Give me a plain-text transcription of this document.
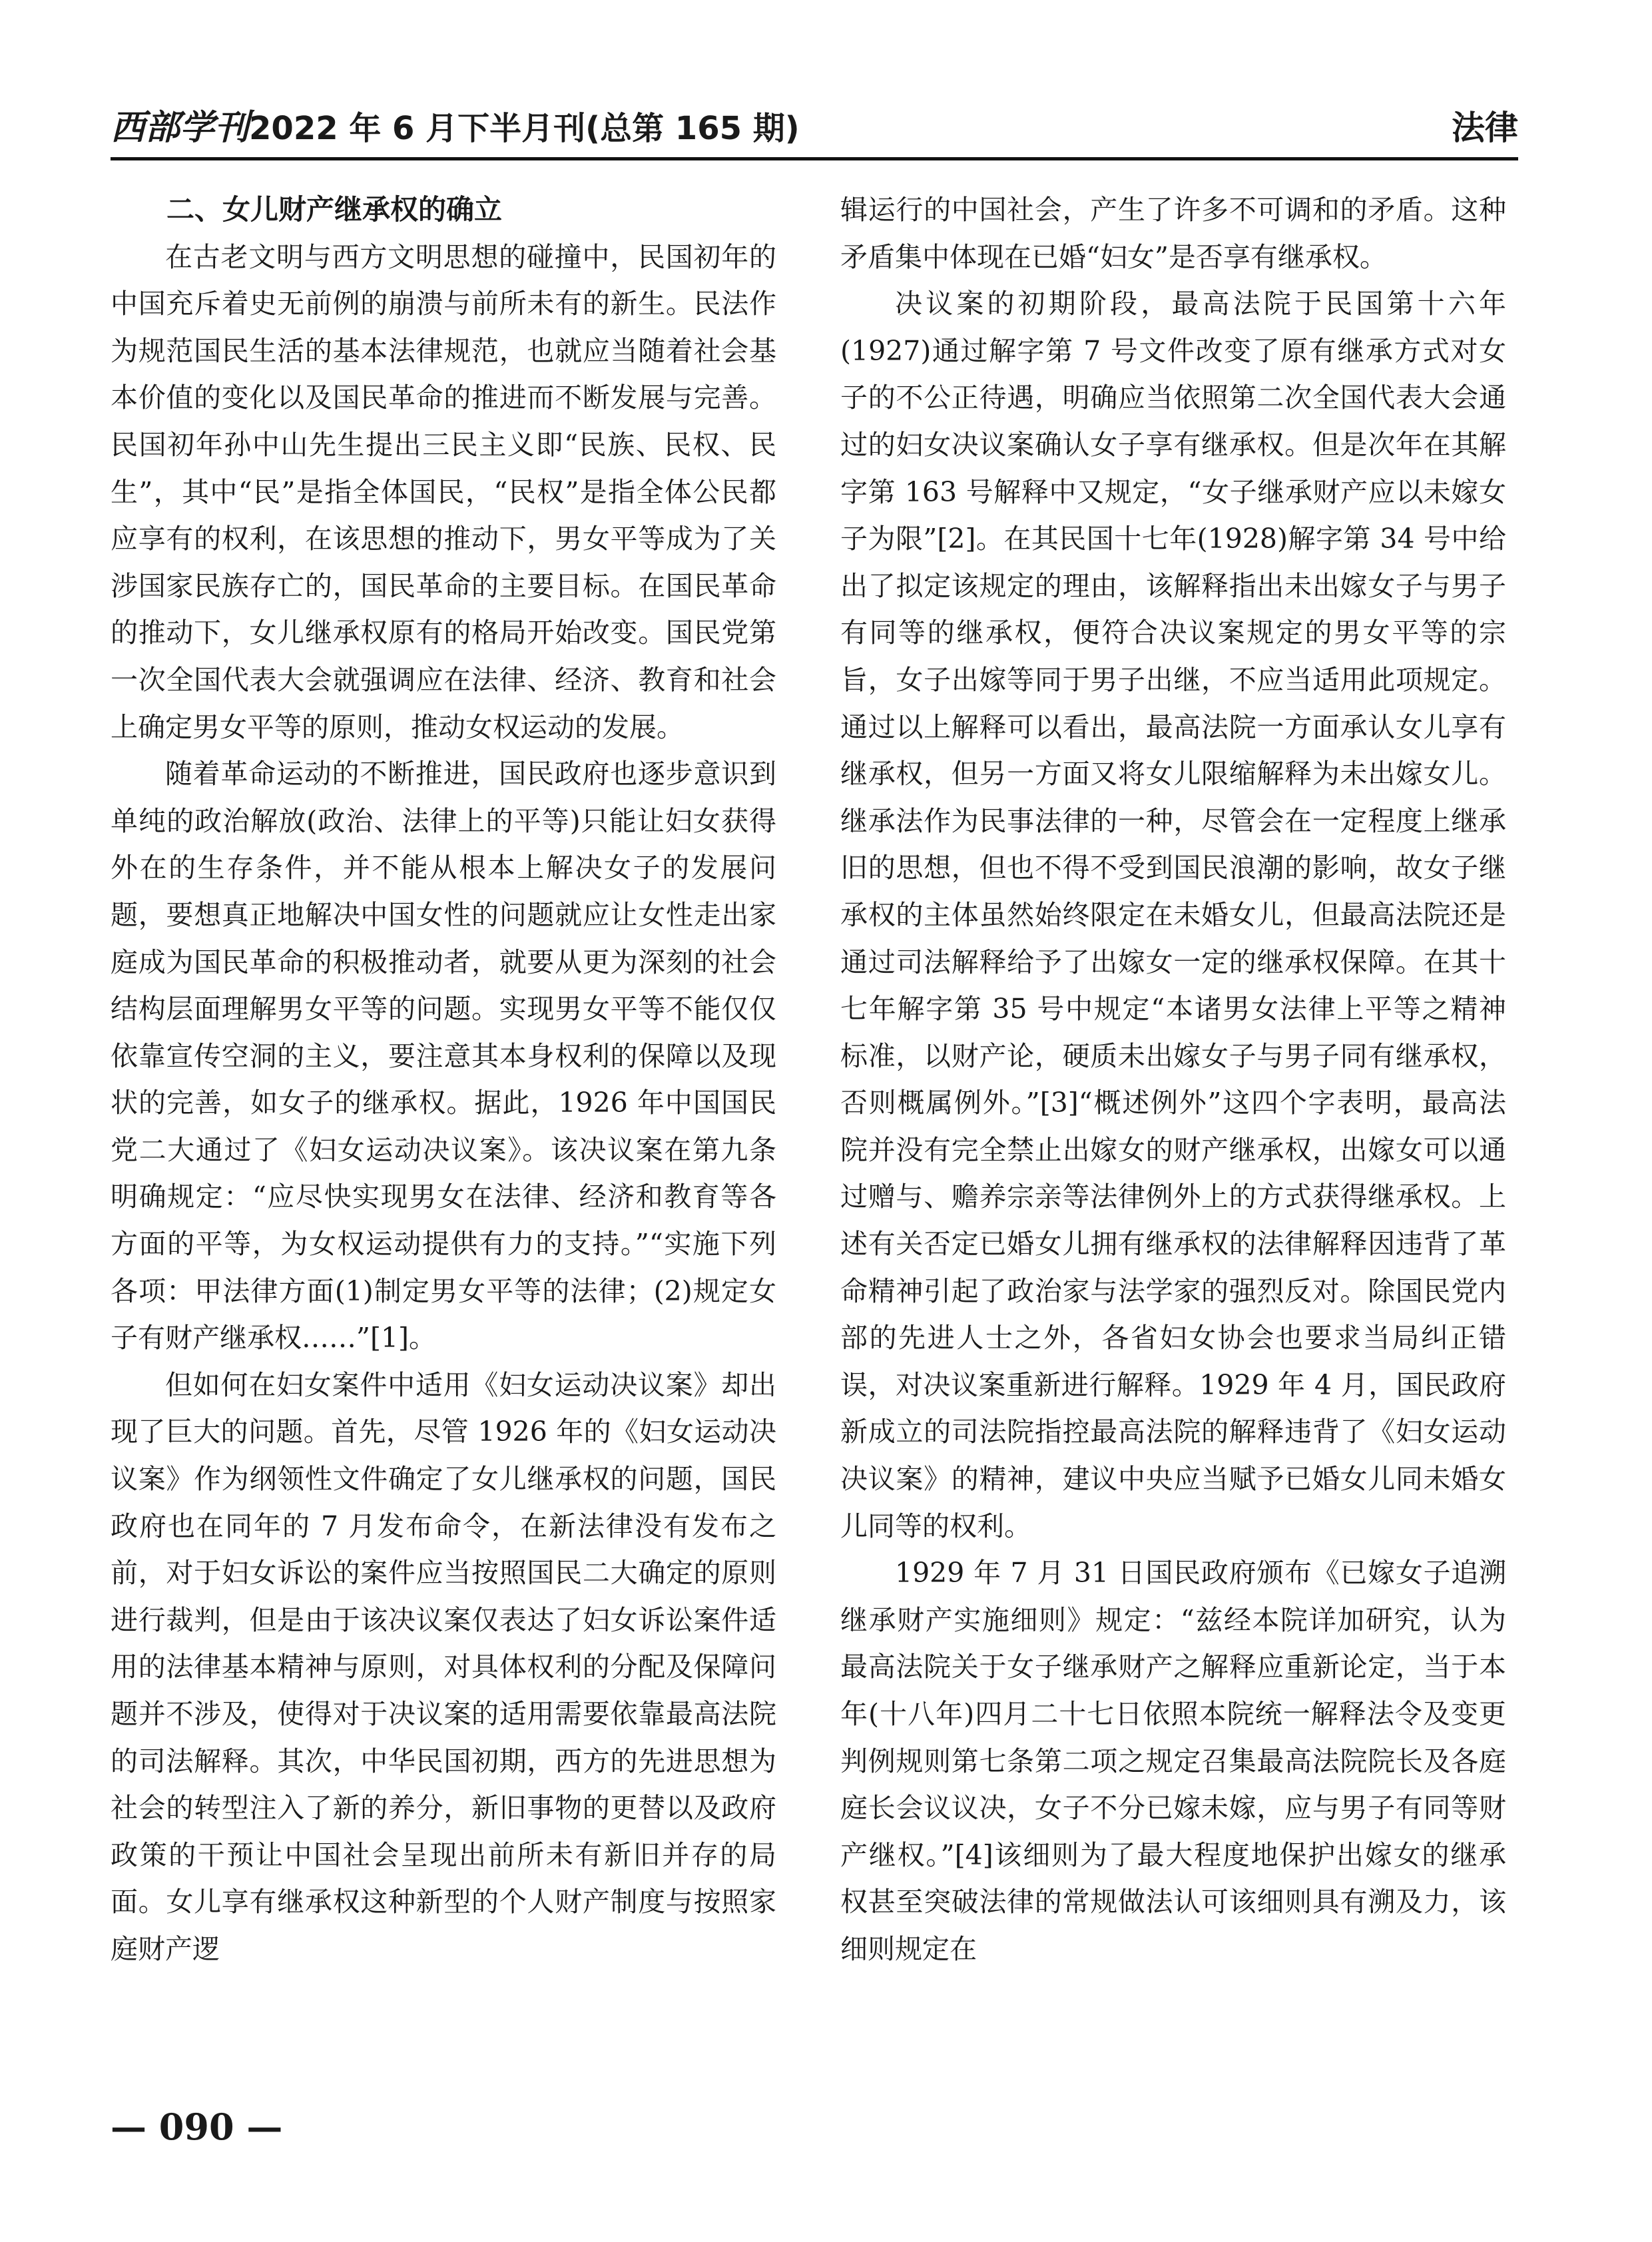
西部学刊2022 年 6 月下半月刊(总第 165 期)	法律
二、女儿财产继承权的确立

在古老文明与西方文明思想的碰撞中，民国初年的中国充斥着史无前例的崩溃与前所未有的新生。民法作为规范国民生活的基本法律规范，也就应当随着社会基本价值的变化以及国民革命的推进而不断发展与完善。民国初年孙中山先生提出三民主义即“民族、民权、民生”，其中“民”是指全体国民，“民权”是指全体公民都应享有的权利，在该思想的推动下，男女平等成为了关涉国家民族存亡的，国民革命的主要目标。在国民革命的推动下，女儿继承权原有的格局开始改变。国民党第一次全国代表大会就强调应在法律、经济、教育和社会上确定男女平等的原则，推动女权运动的发展。

随着革命运动的不断推进，国民政府也逐步意识到单纯的政治解放(政治、法律上的平等)只能让妇女获得外在的生存条件，并不能从根本上解决女子的发展问题，要想真正地解决中国女性的问题就应让女性走出家庭成为国民革命的积极推动者，就要从更为深刻的社会结构层面理解男女平等的问题。实现男女平等不能仅仅依靠宣传空洞的主义，要注意其本身权利的保障以及现状的完善，如女子的继承权。据此，1926 年中国国民党二大通过了《妇女运动决议案》。该决议案在第九条明确规定：“应尽快实现男女在法律、经济和教育等各方面的平等，为女权运动提供有力的支持。”“实施下列各项：甲法律方面(1)制定男女平等的法律；(2)规定女子有财产继承权……”[1]。

但如何在妇女案件中适用《妇女运动决议案》却出现了巨大的问题。首先，尽管 1926 年的《妇女运动决议案》作为纲领性文件确定了女儿继承权的问题，国民政府也在同年的 7 月发布命令，在新法律没有发布之前，对于妇女诉讼的案件应当按照国民二大确定的原则进行裁判，但是由于该决议案仅表达了妇女诉讼案件适用的法律基本精神与原则，对具体权利的分配及保障问题并不涉及，使得对于决议案的适用需要依靠最高法院的司法解释。其次，中华民国初期，西方的先进思想为社会的转型注入了新的养分，新旧事物的更替以及政府政策的干预让中国社会呈现出前所未有新旧并存的局面。女儿享有继承权这种新型的个人财产制度与按照家庭财产逻

辑运行的中国社会，产生了许多不可调和的矛盾。这种矛盾集中体现在已婚“妇女”是否享有继承权。

决议案的初期阶段，最高法院于民国第十六年(1927)通过解字第 7 号文件改变了原有继承方式对女子的不公正待遇，明确应当依照第二次全国代表大会通过的妇女决议案确认女子享有继承权。但是次年在其解字第 163 号解释中又规定，“女子继承财产应以未嫁女子为限”[2]。在其民国十七年(1928)解字第 34 号中给出了拟定该规定的理由，该解释指出未出嫁女子与男子有同等的继承权，便符合决议案规定的男女平等的宗旨，女子出嫁等同于男子出继，不应当适用此项规定。通过以上解释可以看出，最高法院一方面承认女儿享有继承权，但另一方面又将女儿限缩解释为未出嫁女儿。继承法作为民事法律的一种，尽管会在一定程度上继承旧的思想，但也不得不受到国民浪潮的影响，故女子继承权的主体虽然始终限定在未婚女儿，但最高法院还是通过司法解释给予了出嫁女一定的继承权保障。在其十七年解字第 35 号中规定“本诸男女法律上平等之精神标准，以财产论，硬质未出嫁女子与男子同有继承权，否则概属例外。”[3]“概述例外”这四个字表明，最高法院并没有完全禁止出嫁女的财产继承权，出嫁女可以通过赠与、赡养宗亲等法律例外上的方式获得继承权。上述有关否定已婚女儿拥有继承权的法律解释因违背了革命精神引起了政治家与法学家的强烈反对。除国民党内部的先进人士之外，各省妇女协会也要求当局纠正错误，对决议案重新进行解释。1929 年 4 月，国民政府新成立的司法院指控最高法院的解释违背了《妇女运动决议案》的精神，建议中央应当赋予已婚女儿同未婚女儿同等的权利。

1929 年 7 月 31 日国民政府颁布《已嫁女子追溯继承财产实施细则》规定：“兹经本院详加研究，认为最高法院关于女子继承财产之解释应重新论定，当于本年(十八年)四月二十七日依照本院统一解释法令及变更判例规则第七条第二项之规定召集最高法院院长及各庭庭长会议议决，女子不分已嫁未嫁，应与男子有同等财产继权。”[4]该细则为了最大程度地保护出嫁女的继承权甚至突破法律的常规做法认可该细则具有溯及力，该细则规定在

— 090 —
